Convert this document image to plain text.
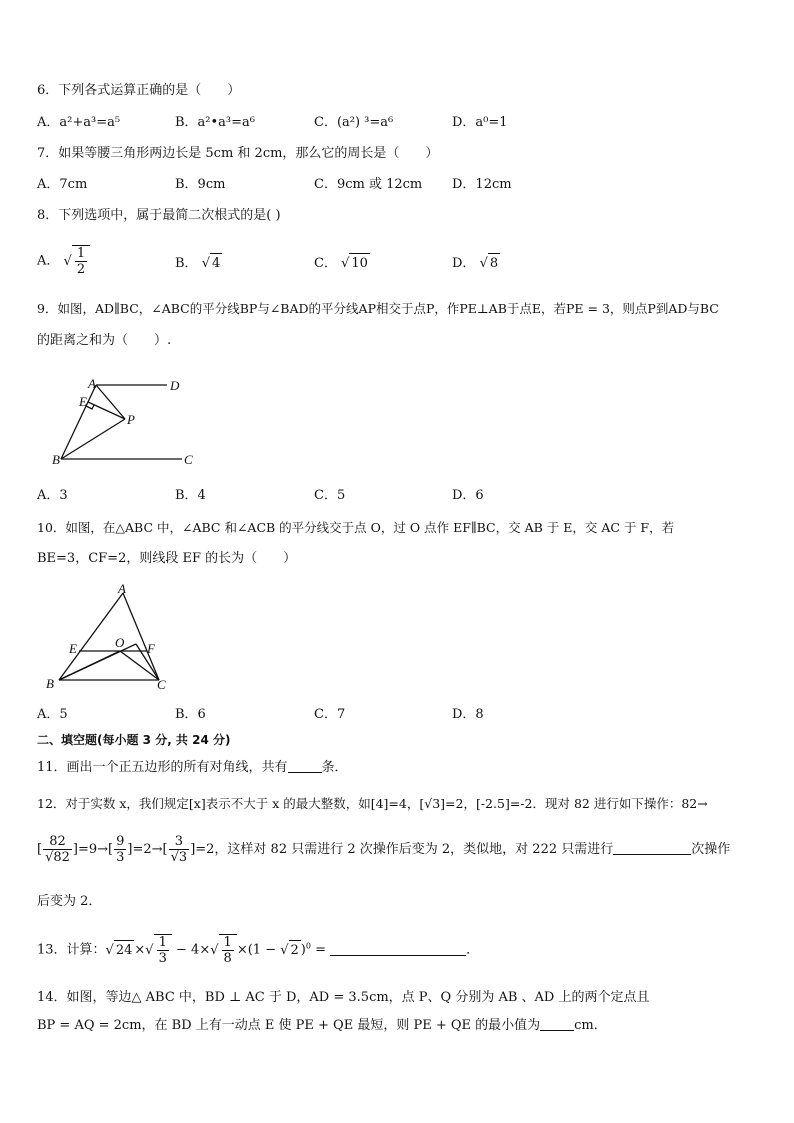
6．下列各式运算正确的是（　　）
A．a²+a³=a⁵	B．a²•a³=a⁶	C．(a²) ³=a⁶	D．a⁰=1
7．如果等腰三角形两边长是 5cm 和 2cm，那么它的周长是（　　）
A．7cm	B．9cm	C．9cm 或 12cm D．12cm
8．下列选项中，属于最简二次根式的是( )
A． √ $\frac{1}{2}$	B． √ 4	C． √ 10	D． √ 8
9．如图，AD∥BC，∠ABC的平分线BP与∠BAD的平分线AP相交于点P，作PE⊥AB于点E，若PE = 3，则点P到AD与BC
的距离之和为（　　）.
A	D
E
P
B	C
A．3	B．4	C．5	D．6
10．如图，在△ABC 中，∠ABC 和∠ACB 的平分线交于点 O，过 O 点作 EF∥BC，交 AB 于 E，交 AC 于 F，若
BE=3，CF=2，则线段 EF 的长为（　　）
A
E	O F
B	C
A．5	B．6	C．7	D．8
二、填空题(每小题 3 分, 共 24 分)
11．画出一个正五边形的所有对角线，共有	条．
12．对于实数 x，我们规定[x]表示不大于 x 的最大整数，如[4]=4，[√3]=2，[-2.5]=-2．现对 82 进行如下操作：82→
[ $\frac{82}{√82} ]=9\to[ \frac{9}{3} ]=2\to[ \frac{3}{√3} ]=2$，这样对 82 只需进行 2 次操作后变为 2，类似地，对 222 只需进行	次操作
后变为 2．
13．计算：√ 24 ×√ $\frac{1}{3} - 4\times√ \frac{1}{8} \times(1$ − √ 2 )$^0$ =	．
14．如图，等边△ ABC 中，BD ⊥ AC 于 D，AD = 3.5cm，点 P、Q 分别为 AB 、AD 上的两个定点且
BP = AQ = 2cm，在 BD 上有一动点 E 使 PE + QE 最短，则 PE + QE 的最小值为	cm．
